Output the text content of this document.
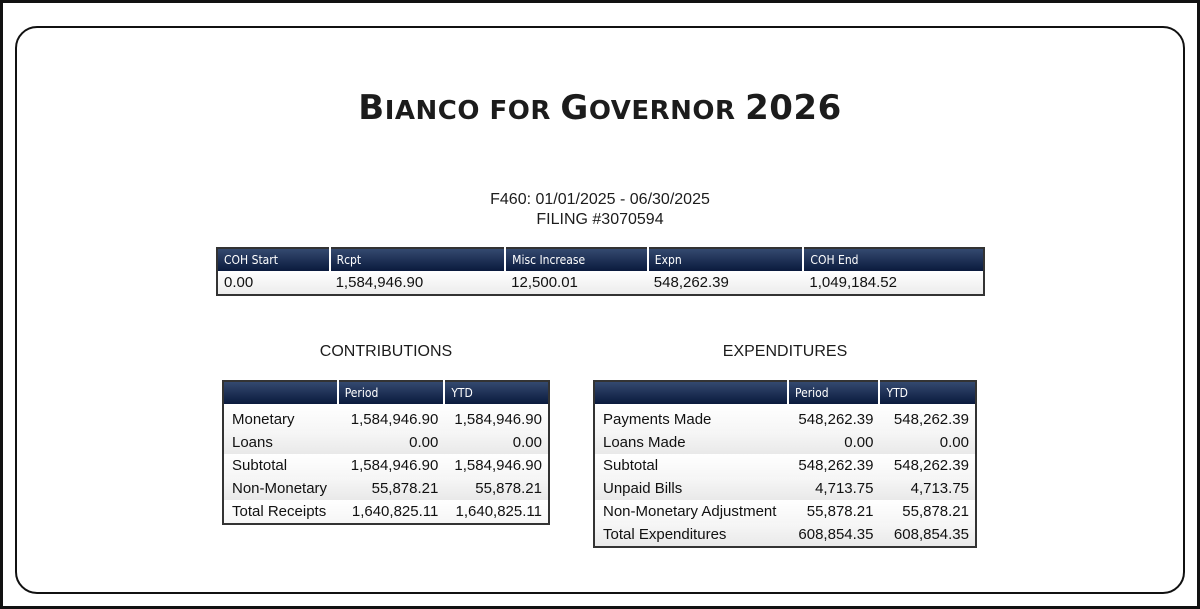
BIANCO FOR GOVERNOR 2026
F460: 01/01/2025 - 06/30/2025
FILING #3070594
COH Start	Rcpt	Misc Increase	Expn	COH End
0.00	1,584,946.90	12,500.01	548,262.39	1,049,184.52
CONTRIBUTIONS
	Period	YTD
Monetary	1,584,946.90	1,584,946.90
Loans	0.00	0.00
Subtotal	1,584,946.90	1,584,946.90
Non-Monetary	55,878.21	55,878.21
Total Receipts	1,640,825.11	1,640,825.11
EXPENDITURES
	Period	YTD
Payments Made	548,262.39	548,262.39
Loans Made	0.00	0.00
Subtotal	548,262.39	548,262.39
Unpaid Bills	4,713.75	4,713.75
Non-Monetary Adjustment	55,878.21	55,878.21
Total Expenditures	608,854.35	608,854.35
